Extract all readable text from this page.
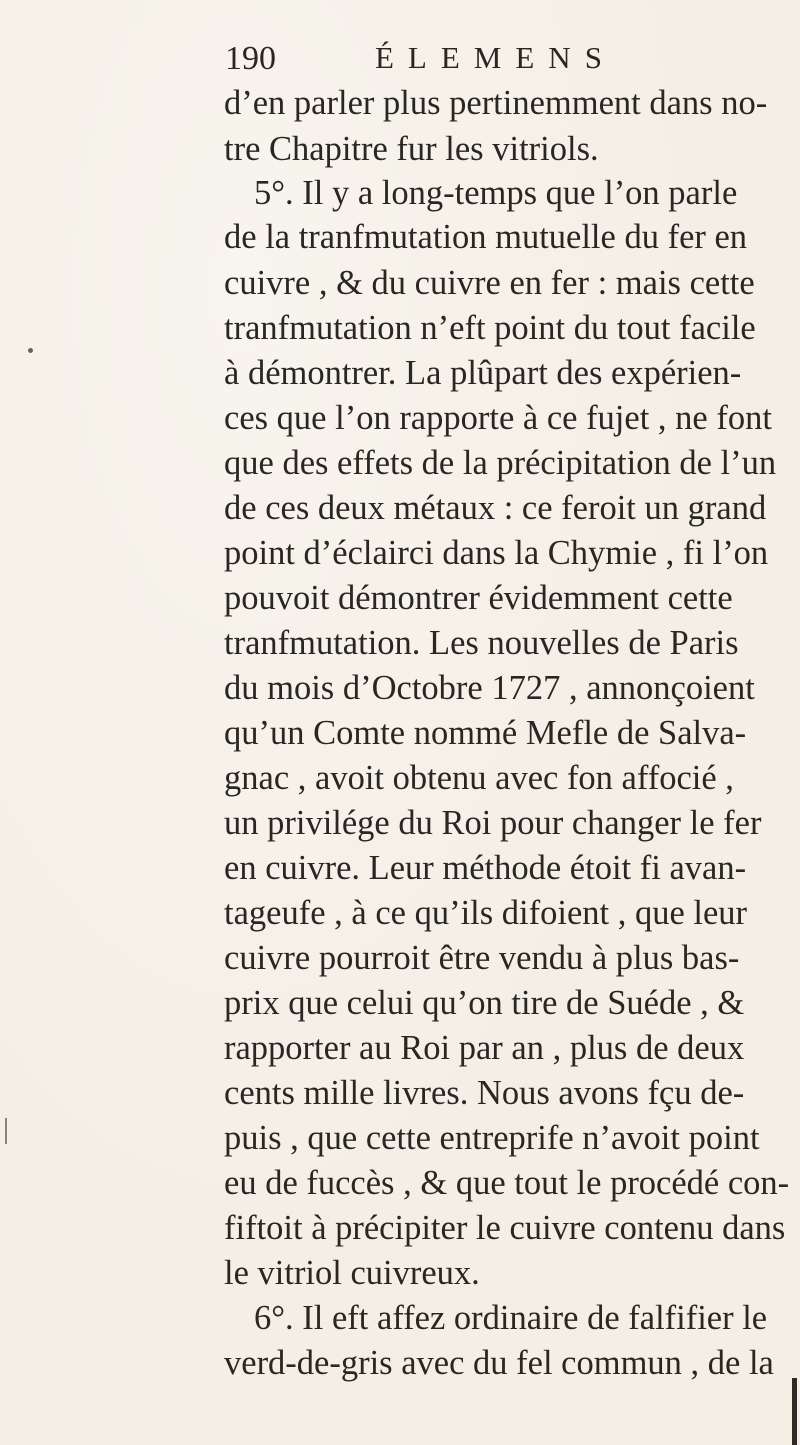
190	ÉLEMENS
d’en parler plus pertinemment dans no-
tre Chapitre fur les vitriols.
5°. Il y a long-temps que l’on parle
de la tranfmutation mutuelle du fer en
cuivre , & du cuivre en fer : mais cette
tranfmutation n’eft point du tout facile
à démontrer. La plûpart des expérien-
ces que l’on rapporte à ce fujet , ne font
que des effets de la précipitation de l’un
de ces deux métaux : ce feroit un grand
point d’éclairci dans la Chymie , fi l’on
pouvoit démontrer évidemment cette
tranfmutation. Les nouvelles de Paris
du mois d’Octobre 1727 , annonçoient
qu’un Comte nommé Mefle de Salva-
gnac , avoit obtenu avec fon affocié ,
un privilége du Roi pour changer le fer
en cuivre. Leur méthode étoit fi avan-
tageufe , à ce qu’ils difoient , que leur
cuivre pourroit être vendu à plus bas-
prix que celui qu’on tire de Suéde , &
rapporter au Roi par an , plus de deux
cents mille livres. Nous avons fçu de-
puis , que cette entreprife n’avoit point
eu de fuccès , & que tout le procédé con-
fiftoit à précipiter le cuivre contenu dans
le vitriol cuivreux.
6°. Il eft affez ordinaire de falfifier le
verd-de-gris avec du fel commun , de la
